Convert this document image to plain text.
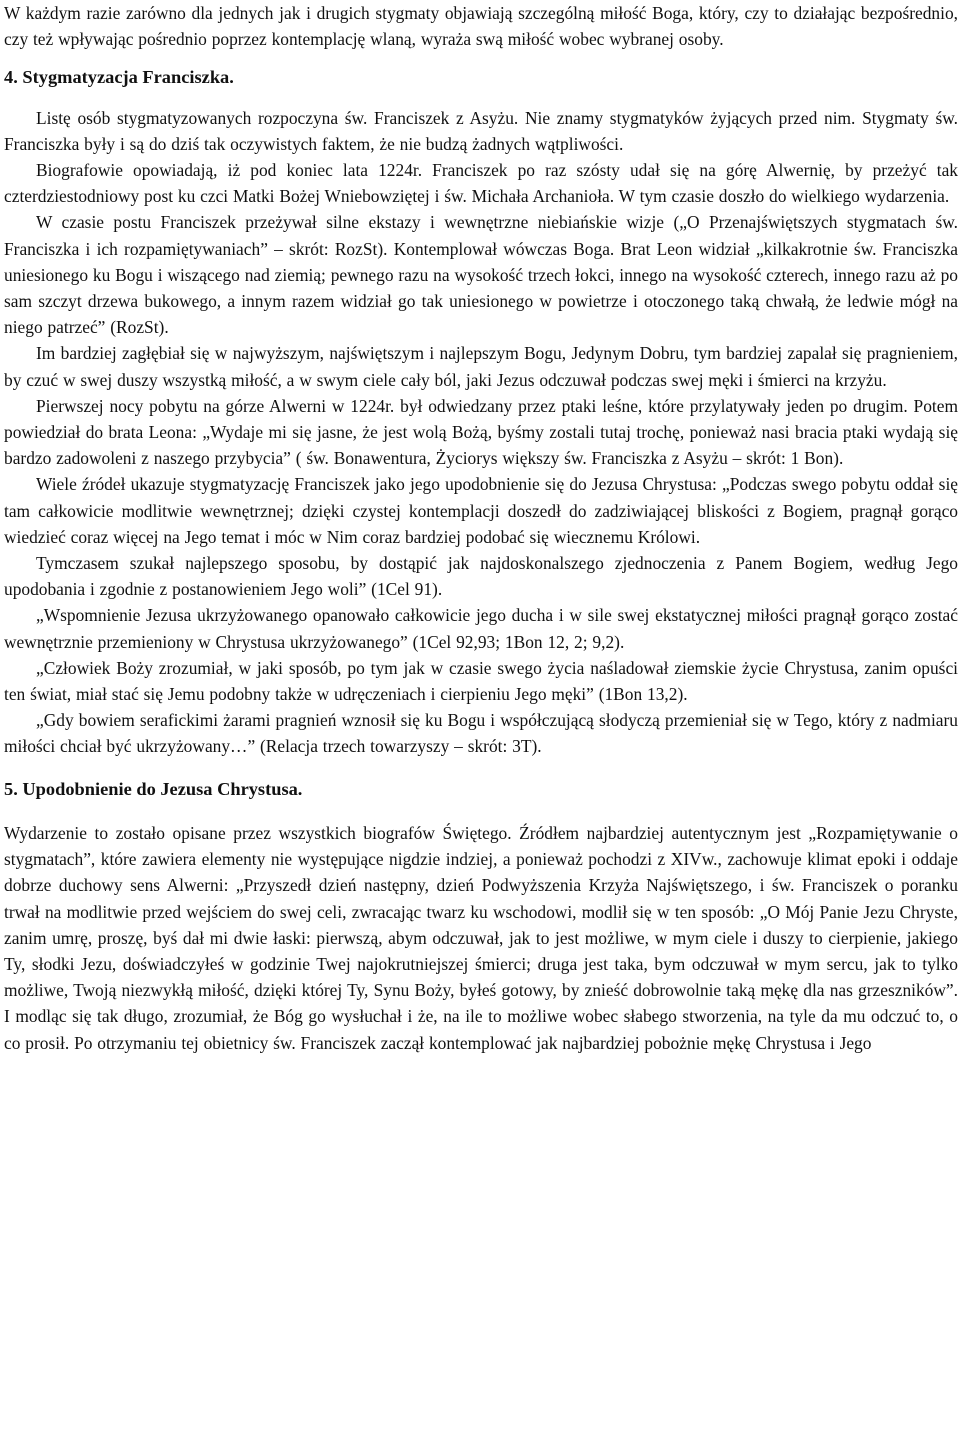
W każdym razie zarówno dla jednych jak i drugich stygmaty objawiają szczególną miłość Boga, który, czy to działając bezpośrednio, czy też wpływając pośrednio poprzez kontemplację wlaną, wyraża swą miłość wobec wybranej osoby.

4. Stygmatyzacja Franciszka.

Listę osób stygmatyzowanych rozpoczyna św. Franciszek z Asyżu. Nie znamy stygmatyków żyjących przed nim. Stygmaty św. Franciszka były i są do dziś tak oczywistych faktem, że nie budzą żadnych wątpliwości.

Biografowie opowiadają, iż pod koniec lata 1224r. Franciszek po raz szósty udał się na górę Alwernię, by przeżyć tak czterdziestodniowy post ku czci Matki Bożej Wniebowziętej i św. Michała Archanioła. W tym czasie doszło do wielkiego wydarzenia.

W czasie postu Franciszek przeżywał silne ekstazy i wewnętrzne niebiańskie wizje („O Przenajświętszych stygmatach św. Franciszka i ich rozpamiętywaniach” – skrót: RozSt). Kontemplował wówczas Boga. Brat Leon widział „kilkakrotnie św. Franciszka uniesionego ku Bogu i wiszącego nad ziemią; pewnego razu na wysokość trzech łokci, innego na wysokość czterech, innego razu aż po sam szczyt drzewa bukowego, a innym razem widział go tak uniesionego w powietrze i otoczonego taką chwałą, że ledwie mógł na niego patrzeć” (RozSt).

Im bardziej zagłębiał się w najwyższym, najświętszym i najlepszym Bogu, Jedynym Dobru, tym bardziej zapalał się pragnieniem, by czuć w swej duszy wszystką miłość, a w swym ciele cały ból, jaki Jezus odczuwał podczas swej męki i śmierci na krzyżu.

Pierwszej nocy pobytu na górze Alwerni w 1224r. był odwiedzany przez ptaki leśne, które przylatywały jeden po drugim. Potem powiedział do brata Leona: „Wydaje mi się jasne, że jest wolą Bożą, byśmy zostali tutaj trochę, ponieważ nasi bracia ptaki wydają się bardzo zadowoleni z naszego przybycia” ( św. Bonawentura, Życiorys większy św. Franciszka z Asyżu – skrót: 1 Bon).

Wiele źródeł ukazuje stygmatyzację Franciszek jako jego upodobnienie się do Jezusa Chrystusa: „Podczas swego pobytu oddał się tam całkowicie modlitwie wewnętrznej; dzięki czystej kontemplacji doszedł do zadziwiającej bliskości z Bogiem, pragnął gorąco wiedzieć coraz więcej na Jego temat i móc w Nim coraz bardziej podobać się wiecznemu Królowi.

Tymczasem szukał najlepszego sposobu, by dostąpić jak najdoskonalszego zjednoczenia z Panem Bogiem, według Jego upodobania i zgodnie z postanowieniem Jego woli” (1Cel 91).

„Wspomnienie Jezusa ukrzyżowanego opanowało całkowicie jego ducha i w sile swej ekstatycznej miłości pragnął gorąco zostać wewnętrznie przemieniony w Chrystusa ukrzyżowanego” (1Cel 92,93; 1Bon 12, 2; 9,2).

„Człowiek Boży zrozumiał, w jaki sposób, po tym jak w czasie swego życia naśladował ziemskie życie Chrystusa, zanim opuści ten świat, miał stać się Jemu podobny także w udręczeniach i cierpieniu Jego męki” (1Bon 13,2).

„Gdy bowiem serafickimi żarami pragnień wznosił się ku Bogu i współczującą słodyczą przemieniał się w Tego, który z nadmiaru miłości chciał być ukrzyżowany…” (Relacja trzech towarzyszy – skrót: 3T).

5. Upodobnienie do Jezusa Chrystusa.

Wydarzenie to zostało opisane przez wszystkich biografów Świętego. Źródłem najbardziej autentycznym jest „Rozpamiętywanie o stygmatach”, które zawiera elementy nie występujące nigdzie indziej, a ponieważ pochodzi z XIVw., zachowuje klimat epoki i oddaje dobrze duchowy sens Alwerni: „Przyszedł dzień następny, dzień Podwyższenia Krzyża Najświętszego, i św. Franciszek o poranku trwał na modlitwie przed wejściem do swej celi, zwracając twarz ku wschodowi, modlił się w ten sposób: „O Mój Panie Jezu Chryste, zanim umrę, proszę, byś dał mi dwie łaski: pierwszą, abym odczuwał, jak to jest możliwe, w mym ciele i duszy to cierpienie, jakiego Ty, słodki Jezu, doświadczyłeś w godzinie Twej najokrutniejszej śmierci; druga jest taka, bym odczuwał w mym sercu, jak to tylko możliwe, Twoją niezwykłą miłość, dzięki której Ty, Synu Boży, byłeś gotowy, by znieść dobrowolnie taką mękę dla nas grzeszników”. I modląc się tak długo, zrozumiał, że Bóg go wysłuchał i że, na ile to możliwe wobec słabego stworzenia, na tyle da mu odczuć to, o co prosił. Po otrzymaniu tej obietnicy św. Franciszek zaczął kontemplować jak najbardziej pobożnie mękę Chrystusa i Jego
